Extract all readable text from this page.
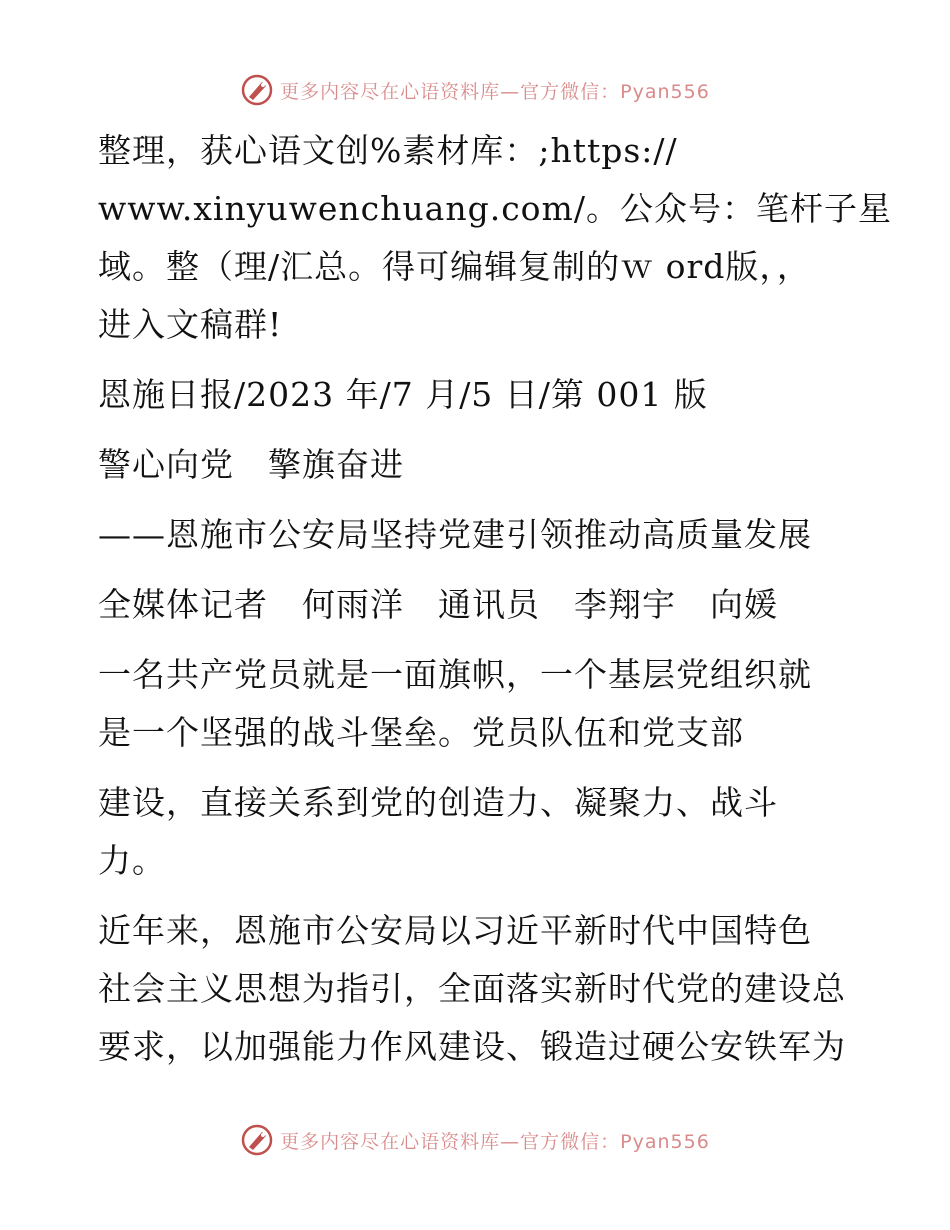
更多内容尽在心语资料库—官方微信：Pyan556

整理，获心语文创%素材库：;https://
www.xinyuwenchuang.com/。公众号：笔杆子星
域。整（理/汇总。得可编辑复制的ｗ ord版，，
进入文稿群!

恩施日报/2023 年/7 月/5 日/第 001 版

警心向党　擎旗奋进

——恩施市公安局坚持党建引领推动高质量发展

全媒体记者　何雨洋　通讯员　李翔宇　向媛

一名共产党员就是一面旗帜，一个基层党组织就
是一个坚强的战斗堡垒。党员队伍和党支部

建设，直接关系到党的创造力、凝聚力、战斗
力。

近年来，恩施市公安局以习近平新时代中国特色
社会主义思想为指引，全面落实新时代党的建设总
要求，以加强能力作风建设、锻造过硬公安铁军为

更多内容尽在心语资料库—官方微信：Pyan556
